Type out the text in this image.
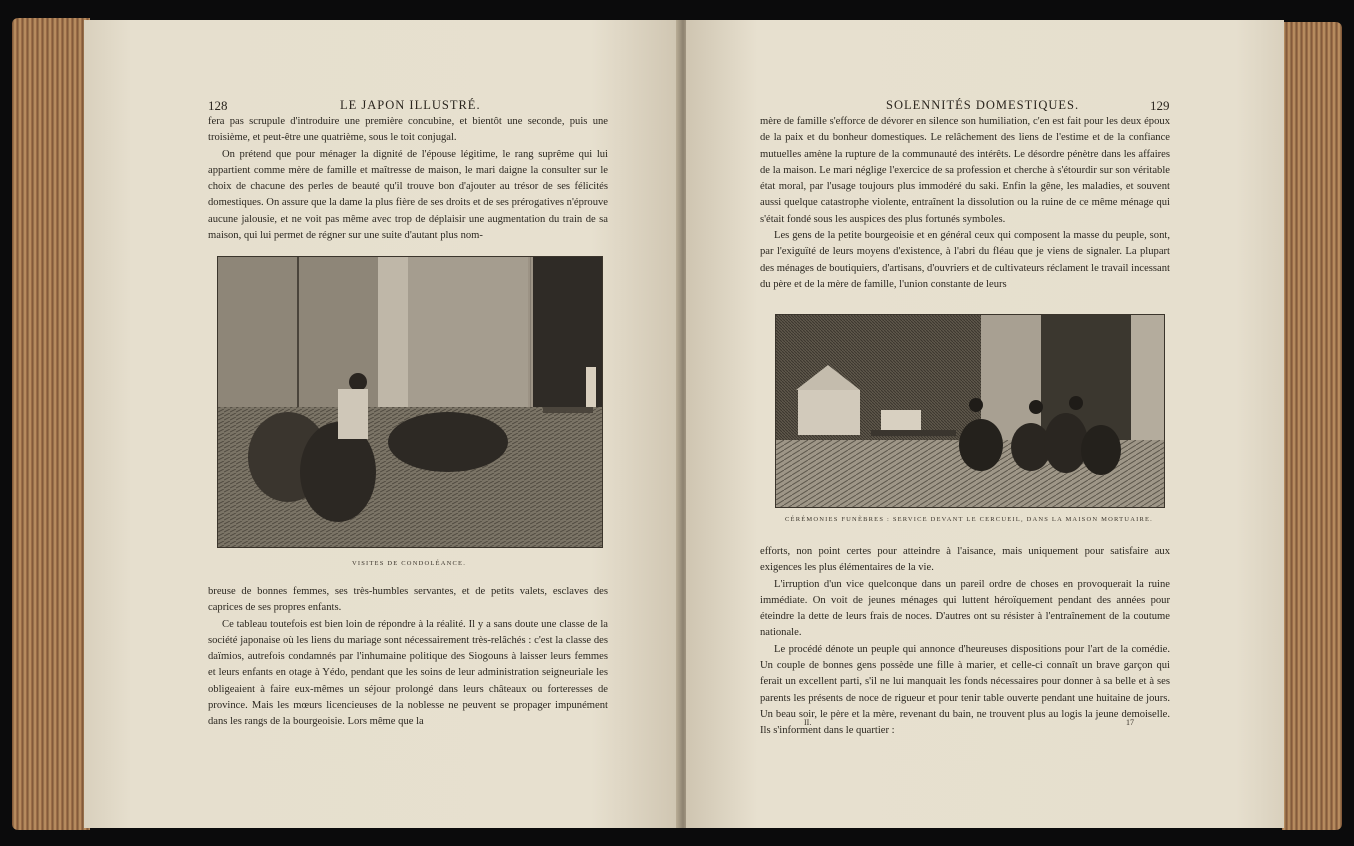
128	LE JAPON ILLUSTRÉ.

fera pas scrupule d'introduire une première concubine, et bientôt une seconde, puis une troisième, et peut-être une quatrième, sous le toit conjugal.

On prétend que pour ménager la dignité de l'épouse légitime, le rang suprême qui lui appartient comme mère de famille et maîtresse de maison, le mari daigne la consulter sur le choix de chacune des perles de beauté qu'il trouve bon d'ajouter au trésor de ses félicités domestiques. On assure que la dame la plus fière de ses droits et de ses prérogatives n'éprouve aucune jalousie, et ne voit pas même avec trop de déplaisir une augmentation du train de sa maison, qui lui permet de régner sur une suite d'autant plus nom-

VISITES DE CONDOLÉANCE.

breuse de bonnes femmes, ses très-humbles servantes, et de petits valets, esclaves des caprices de ses propres enfants.

Ce tableau toutefois est bien loin de répondre à la réalité. Il y a sans doute une classe de la société japonaise où les liens du mariage sont nécessairement très-relâchés : c'est la classe des daïmios, autrefois condamnés par l'inhumaine politique des Siogouns à laisser leurs femmes et leurs enfants en otage à Yédo, pendant que les soins de leur administration seigneuriale les obligeaient à faire eux-mêmes un séjour prolongé dans leurs châteaux ou forteresses de province. Mais les mœurs licencieuses de la noblesse ne peuvent se propager impunément dans les rangs de la bourgeoisie. Lors même que la

SOLENNITÉS DOMESTIQUES.	129

mère de famille s'efforce de dévorer en silence son humiliation, c'en est fait pour les deux époux de la paix et du bonheur domestiques. Le relâchement des liens de l'estime et de la confiance mutuelles amène la rupture de la communauté des intérêts. Le désordre pénètre dans les affaires de la maison. Le mari néglige l'exercice de sa profession et cherche à s'étourdir sur son véritable état moral, par l'usage toujours plus immodéré du saki. Enfin la gêne, les maladies, et souvent aussi quelque catastrophe violente, entraînent la dissolution ou la ruine de ce même ménage qui s'était fondé sous les auspices des plus fortunés symboles.

Les gens de la petite bourgeoisie et en général ceux qui composent la masse du peuple, sont, par l'exiguïté de leurs moyens d'existence, à l'abri du fléau que je viens de signaler. La plupart des ménages de boutiquiers, d'artisans, d'ouvriers et de cultivateurs réclament le travail incessant du père et de la mère de famille, l'union constante de leurs

CÉRÉMONIES FUNÈBRES : SERVICE DEVANT LE CERCUEIL, DANS LA MAISON MORTUAIRE.

efforts, non point certes pour atteindre à l'aisance, mais uniquement pour satisfaire aux exigences les plus élémentaires de la vie.

L'irruption d'un vice quelconque dans un pareil ordre de choses en provoquerait la ruine immédiate. On voit de jeunes ménages qui luttent héroïquement pendant des années pour éteindre la dette de leurs frais de noces. D'autres ont su résister à l'entraînement de la coutume nationale.

Le procédé dénote un peuple qui annonce d'heureuses dispositions pour l'art de la comédie. Un couple de bonnes gens possède une fille à marier, et celle-ci connaît un brave garçon qui ferait un excellent parti, s'il ne lui manquait les fonds nécessaires pour donner à sa belle et à ses parents les présents de noce de rigueur et pour tenir table ouverte pendant une huitaine de jours. Un beau soir, le père et la mère, revenant du bain, ne trouvent plus au logis la jeune demoiselle. Ils s'informent dans le quartier :

II.	17
